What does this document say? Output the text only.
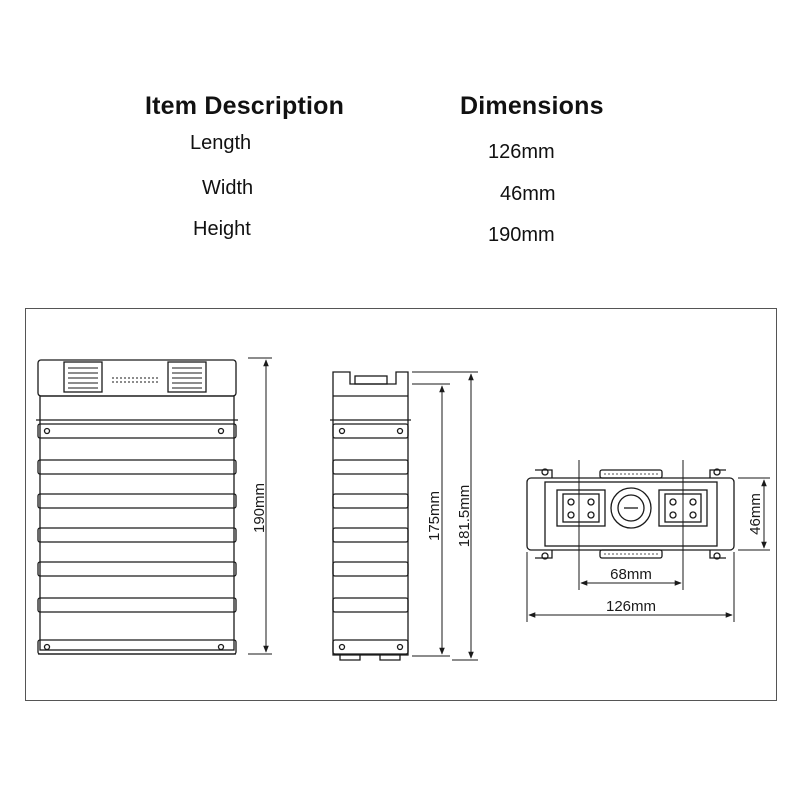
Item Description	Dimensions
Length	126mm
Width	46mm
Height	190mm
190mm	175mm 181.5mm	46mm
68mm
126mm
